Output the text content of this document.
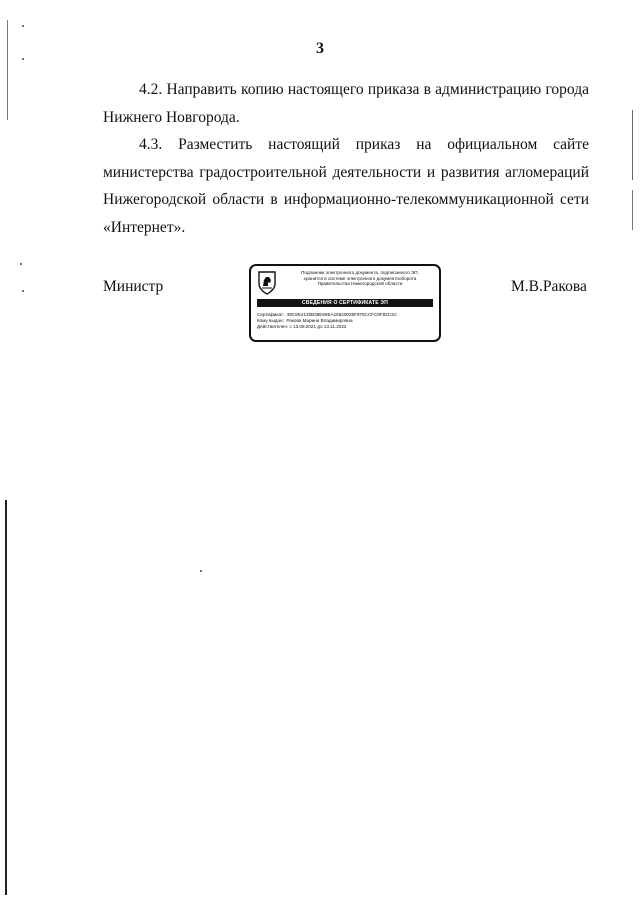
3

4.2. Направить копию настоящего приказа в администрацию города Нижнего Новгорода.

4.3. Разместить настоящий приказ на официальном сайте министерства градостроительной деятельности и развития агломераций Нижегородской области в информационно-телекоммуникационной сети «Интернет».

Министр
Подлинник электронного документа, подписанного ЭП,
хранится в системе электронного документооборота
Правительства Нижегородской области
СВЕДЕНИЯ О СЕРТИФИКАТЕ ЭП
Сертификат: 39C8E4130B38E59EA18520035F975CCFC9F92C3C
Кому выдан: Ракова Марина Владимировна
Действителен: с 13.08.2021 до 13.11.2022
М.В.Ракова
